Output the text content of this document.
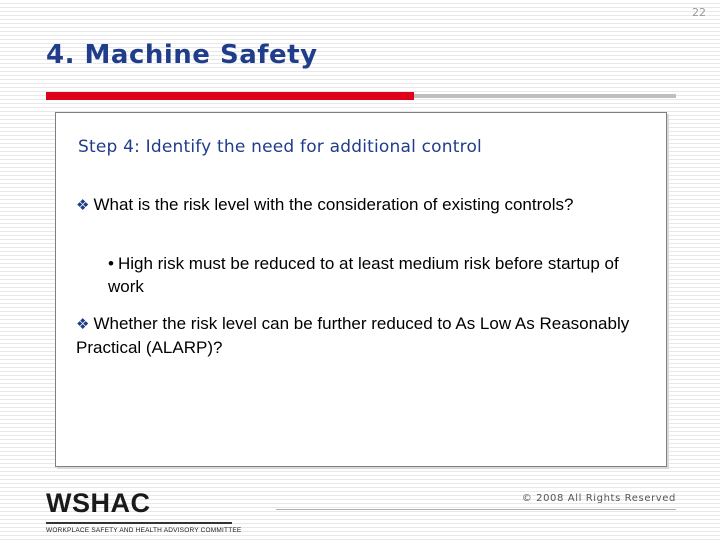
22
4. Machine Safety
Step 4: Identify the need for additional control
❖ What is the risk level with the consideration of existing controls?
• High risk must be reduced to at least medium risk before startup of work
❖ Whether the risk level can be further reduced to As Low As Reasonably Practical (ALARP)?
WSHAC
WORKPLACE SAFETY AND HEALTH ADVISORY COMMITTEE
© 2008 All Rights Reserved
